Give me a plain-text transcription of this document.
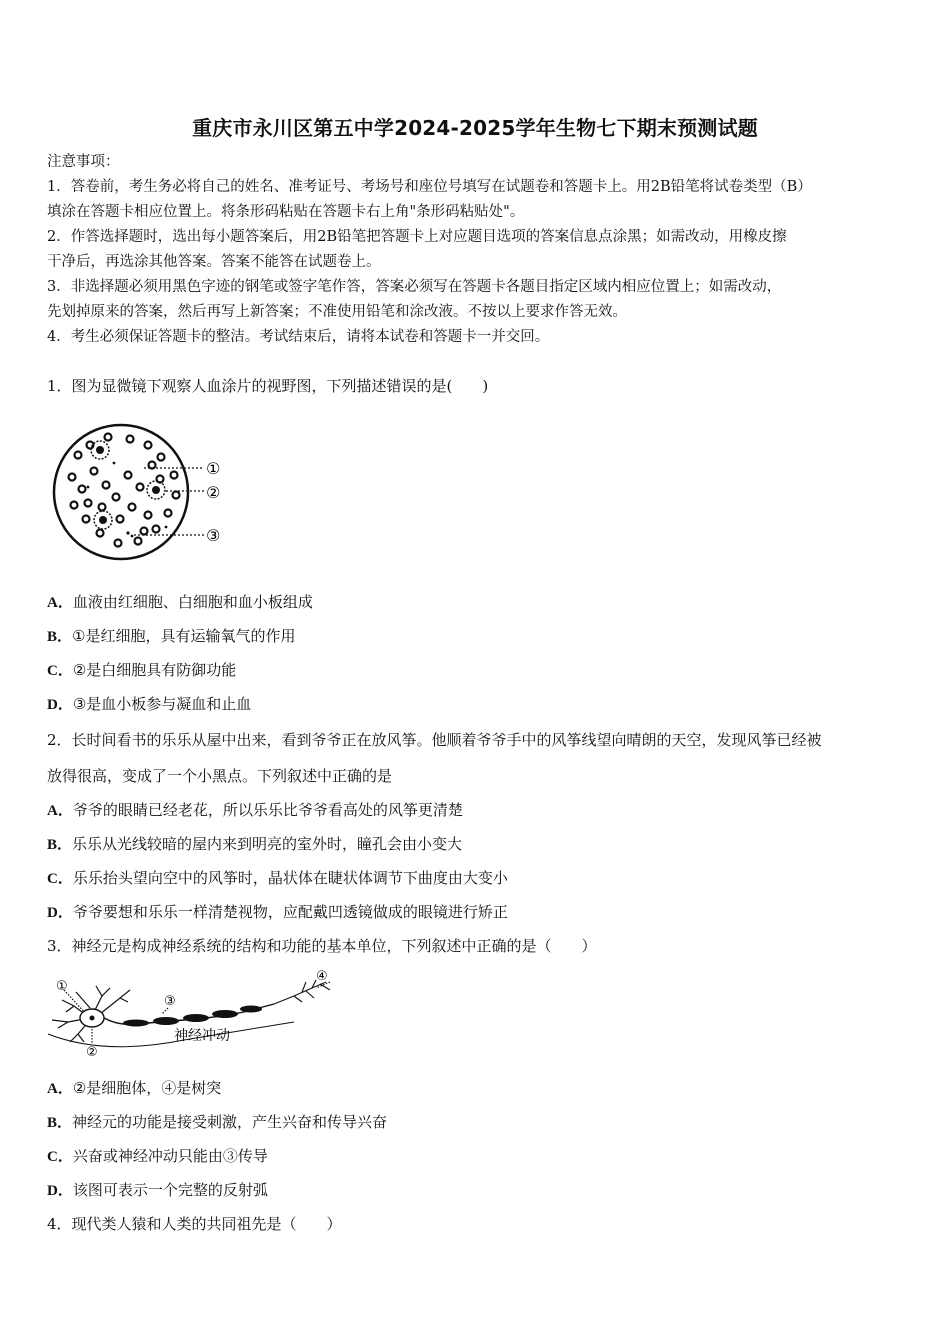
重庆市永川区第五中学2024-2025学年生物七下期末预测试题
注意事项：
1．答卷前，考生务必将自己的姓名、准考证号、考场号和座位号填写在试题卷和答题卡上。用2B铅笔将试卷类型（B）
填涂在答题卡相应位置上。将条形码粘贴在答题卡右上角"条形码粘贴处"。
2．作答选择题时，选出每小题答案后，用2B铅笔把答题卡上对应题目选项的答案信息点涂黑；如需改动，用橡皮擦
干净后，再选涂其他答案。答案不能答在试题卷上。
3．非选择题必须用黑色字迹的钢笔或签字笔作答，答案必须写在答题卡各题目指定区域内相应位置上；如需改动，
先划掉原来的答案，然后再写上新答案；不准使用铅笔和涂改液。不按以上要求作答无效。
4．考生必须保证答题卡的整洁。考试结束后，请将本试卷和答题卡一并交回。
1．图为显微镜下观察人血涂片的视野图，下列描述错误的是(　　)
①
②
③
A．血液由红细胞、白细胞和血小板组成
B．①是红细胞，具有运输氧气的作用
C．②是白细胞具有防御功能
D．③是血小板参与凝血和止血
2．长时间看书的乐乐从屋中出来，看到爷爷正在放风筝。他顺着爷爷手中的风筝线望向晴朗的天空，发现风筝已经被
放得很高，变成了一个小黑点。下列叙述中正确的是
A．爷爷的眼睛已经老花，所以乐乐比爷爷看高处的风筝更清楚
B．乐乐从光线较暗的屋内来到明亮的室外时，瞳孔会由小变大
C．乐乐抬头望向空中的风筝时，晶状体在睫状体调节下曲度由大变小
D．爷爷要想和乐乐一样清楚视物，应配戴凹透镜做成的眼镜进行矫正
3．神经元是构成神经系统的结构和功能的基本单位，下列叙述中正确的是（　　）
①
②
③
④
神经冲动
A．②是细胞体，④是树突
B．神经元的功能是接受刺激，产生兴奋和传导兴奋
C．兴奋或神经冲动只能由③传导
D．该图可表示一个完整的反射弧
4．现代类人猿和人类的共同祖先是（　　）
